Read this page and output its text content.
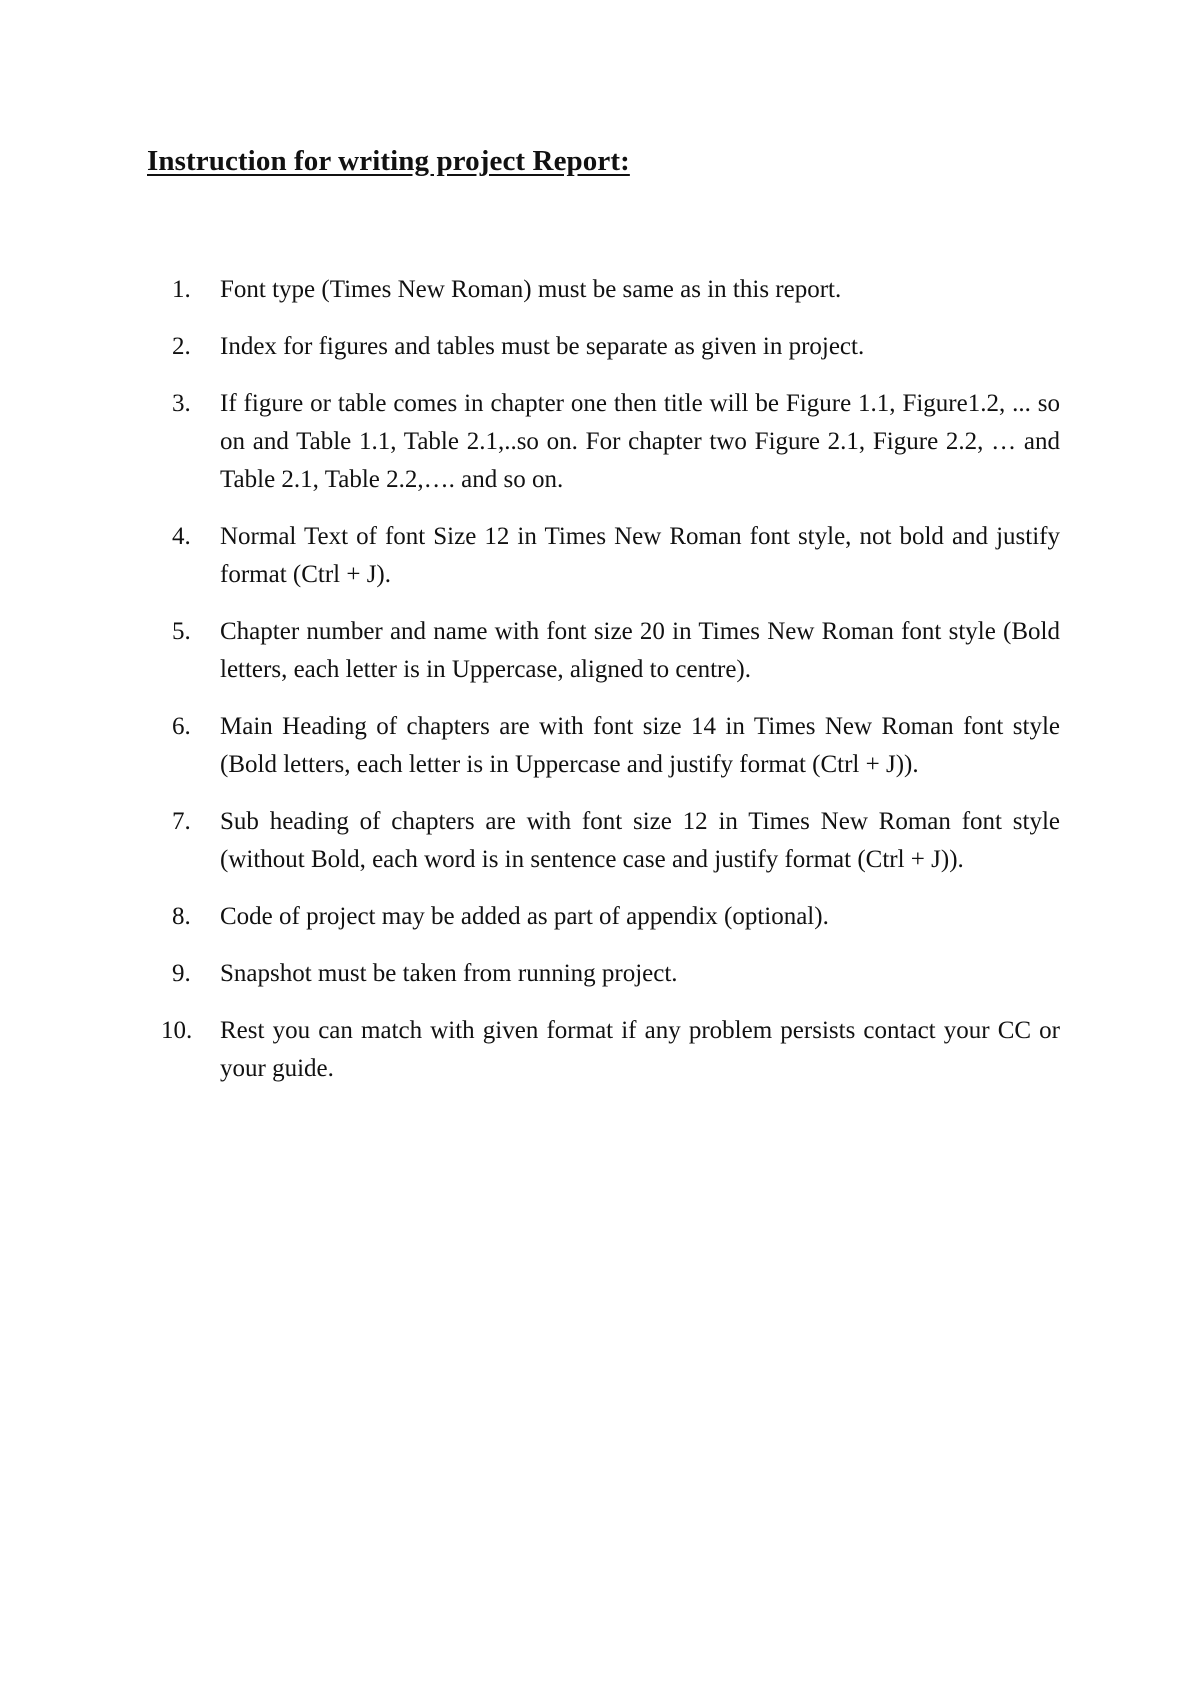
Instruction for writing project Report:
1.	Font type (Times New Roman) must be same as in this report.
2.	Index for figures and tables must be separate as given in project.
3.	If figure or table comes in chapter one then title will be Figure 1.1, Figure1.2, ... so on and Table 1.1, Table 2.1,..so on. For chapter two Figure 2.1, Figure 2.2, … and Table 2.1, Table 2.2,…. and so on.
4.	Normal Text of font Size 12 in Times New Roman font style, not bold and justify format (Ctrl + J).
5.	Chapter number and name with font size 20 in Times New Roman font style (Bold letters, each letter is in Uppercase, aligned to centre).
6.	Main Heading of chapters are with font size 14 in Times New Roman font style (Bold letters, each letter is in Uppercase and justify format (Ctrl + J)).
7.	Sub heading of chapters are with font size 12 in Times New Roman font style (without Bold, each word is in sentence case and justify format (Ctrl + J)).
8.	Code of project may be added as part of appendix (optional).
9.	Snapshot must be taken from running project.
10.	Rest you can match with given format if any problem persists contact your CC or your guide.
